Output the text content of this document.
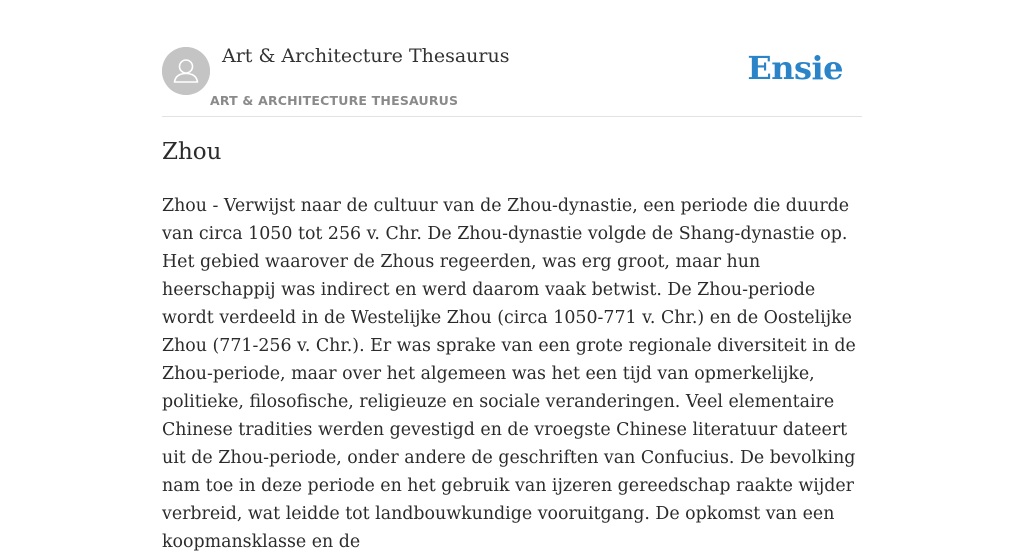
Art & Architecture Thesaurus
ART & ARCHITECTURE THESAURUS
Ensie
Zhou

Zhou - Verwijst naar de cultuur van de Zhou-dynastie, een periode die duurde van circa 1050 tot 256 v. Chr. De Zhou-dynastie volgde de Shang-dynastie op. Het gebied waarover de Zhous regeerden, was erg groot, maar hun heerschappij was indirect en werd daarom vaak betwist. De Zhou-periode wordt verdeeld in de Westelijke Zhou (circa 1050-771 v. Chr.) en de Oostelijke Zhou (771-256 v. Chr.). Er was sprake van een grote regionale diversiteit in de Zhou-periode, maar over het algemeen was het een tijd van opmerkelijke, politieke, filosofische, religieuze en sociale veranderingen. Veel elementaire Chinese tradities werden gevestigd en de vroegste Chinese literatuur dateert uit de Zhou-periode, onder andere de geschriften van Confucius. De bevolking nam toe in deze periode en het gebruik van ijzeren gereedschap raakte wijder verbreid, wat leidde tot landbouwkundige vooruitgang. De opkomst van een koopmansklasse en de
